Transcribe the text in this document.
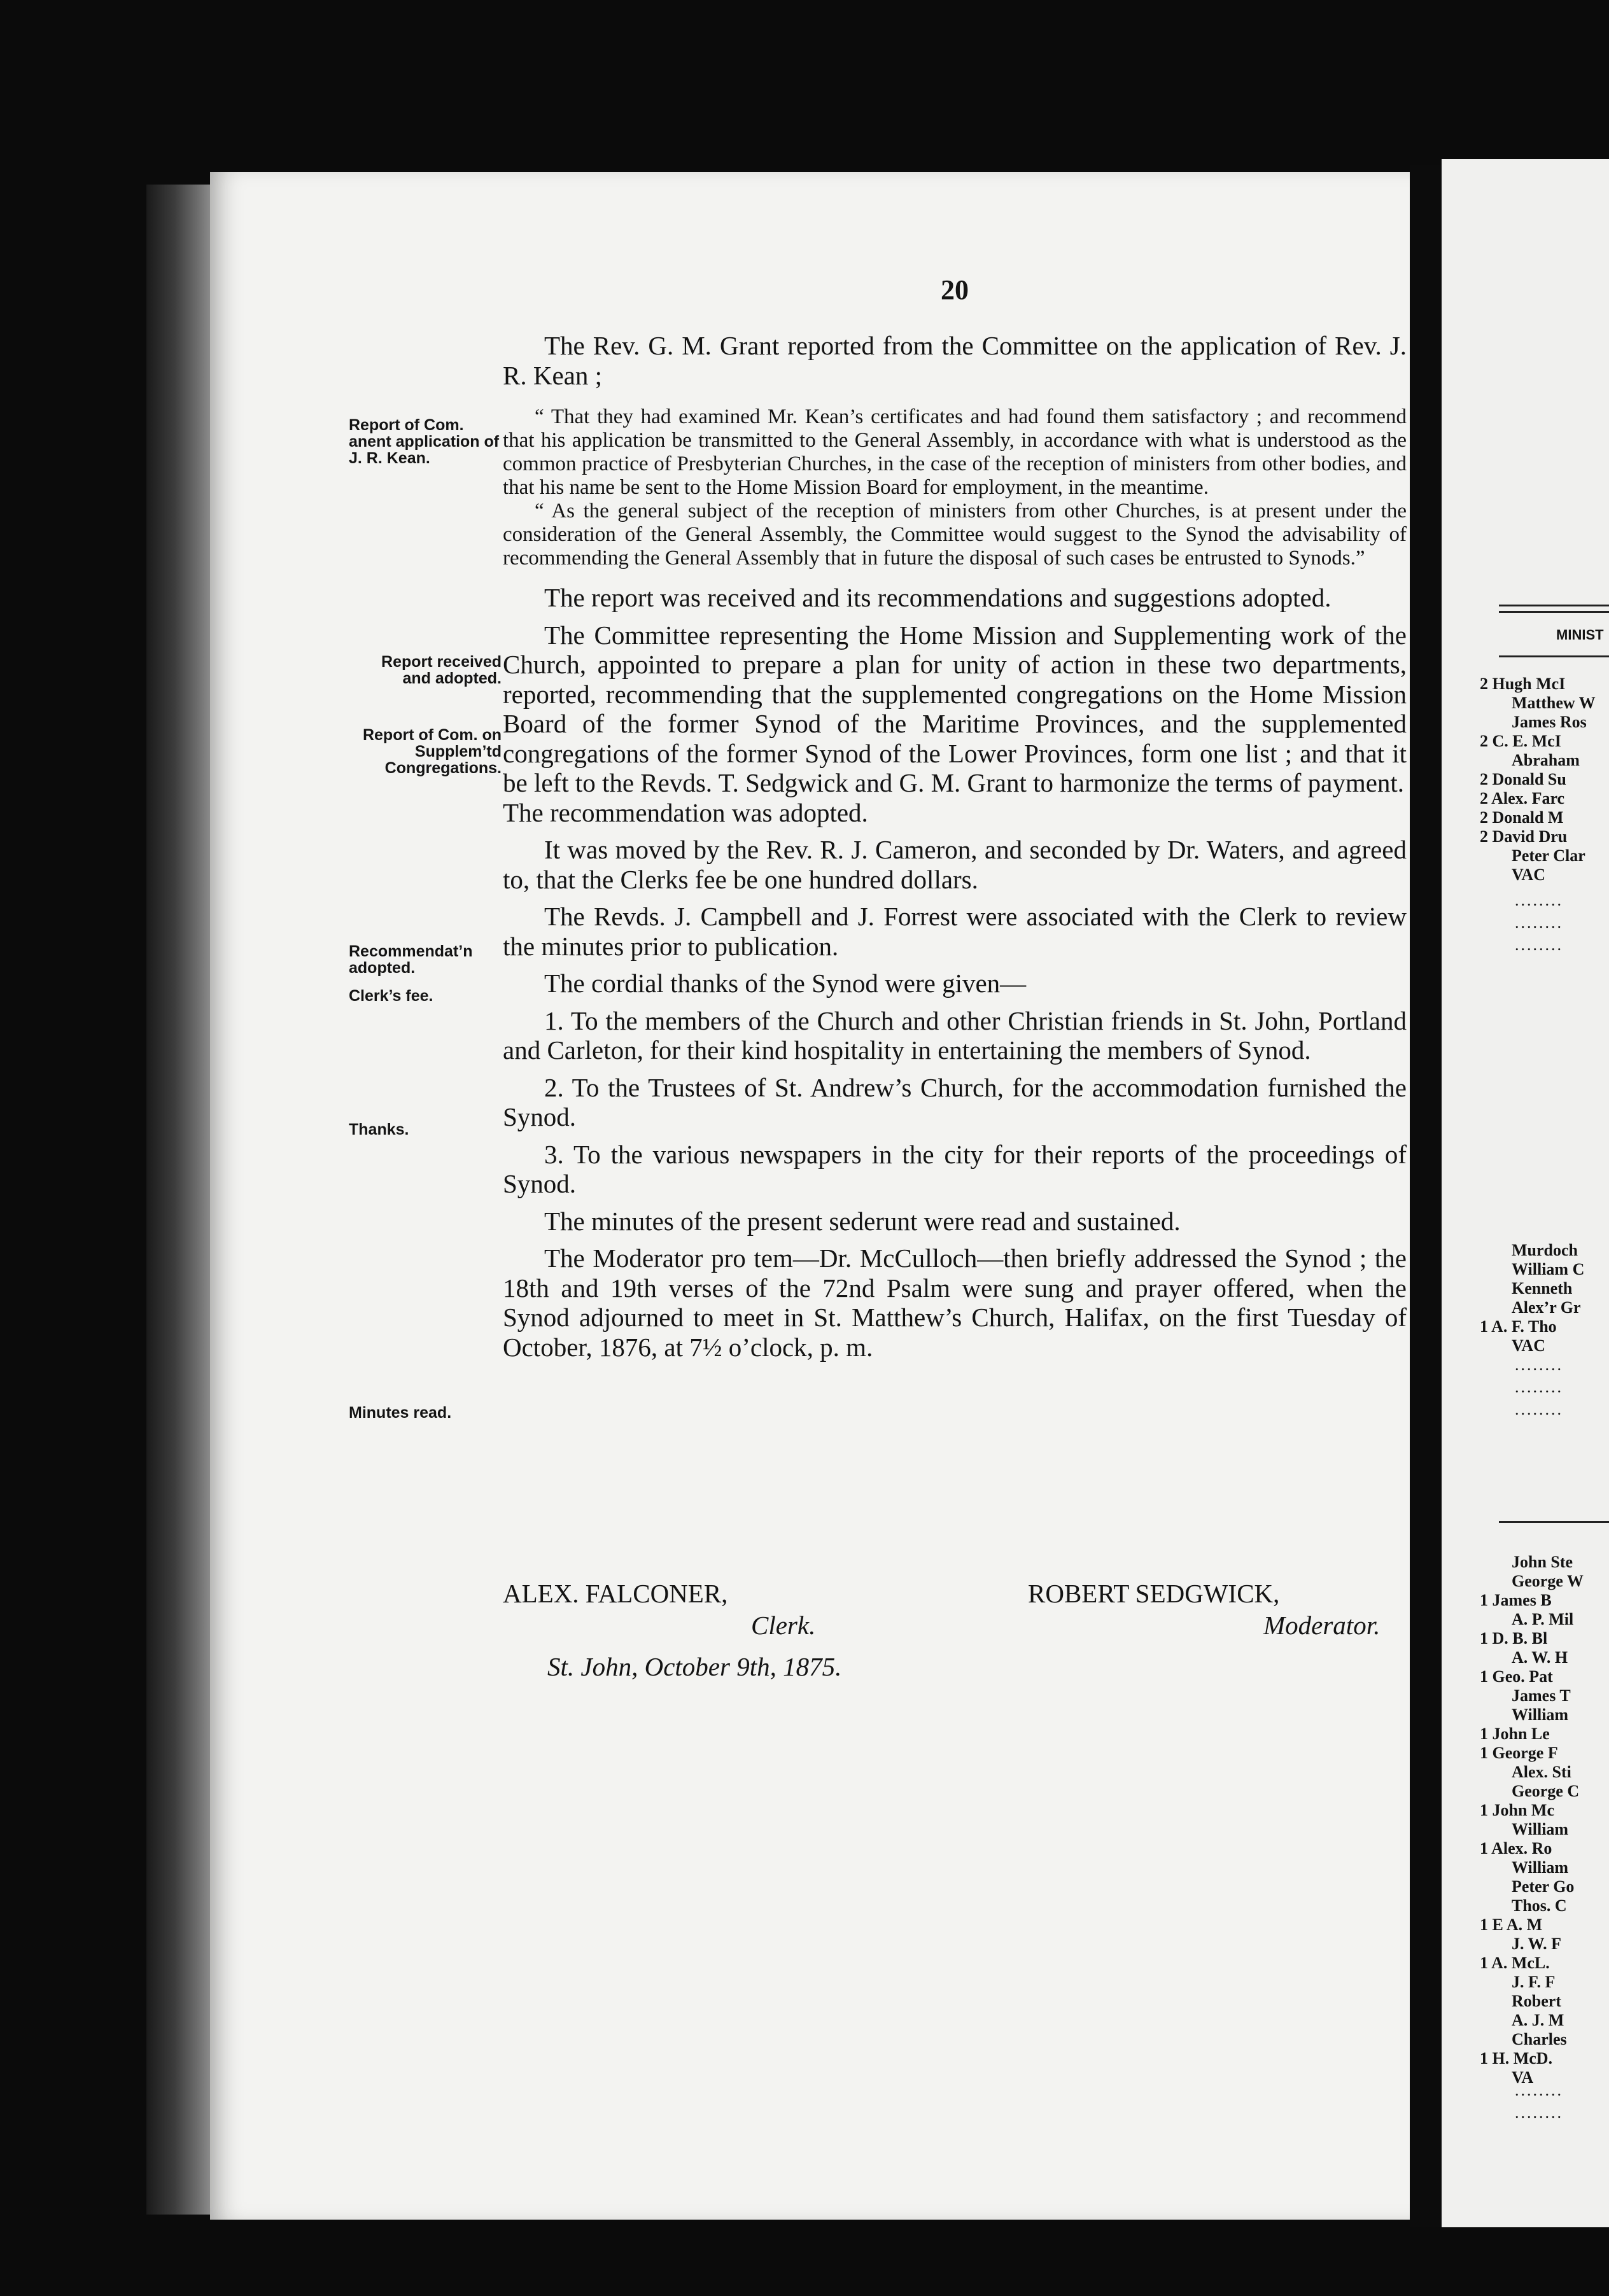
20

The Rev. G. M. Grant reported from the Committee on the application of Rev. J. R. Kean ;

“ That they had examined Mr. Kean’s certificates and had found them satisfactory ; and recommend that his application be transmitted to the General Assembly, in accordance with what is understood as the common practice of Presbyterian Churches, in the case of the reception of ministers from other bodies, and that his name be sent to the Home Mission Board for employment, in the meantime.

“ As the general subject of the reception of ministers from other Churches, is at present under the consideration of the General Assembly, the Committee would suggest to the Synod the advisability of recommending the General Assembly that in future the disposal of such cases be entrusted to Synods.”

The report was received and its recommendations and suggestions adopted.

The Committee representing the Home Mission and Supplementing work of the Church, appointed to prepare a plan for unity of action in these two departments, reported, recommending that the supplemented congregations on the Home Mission Board of the former Synod of the Maritime Provinces, and the supplemented congregations of the former Synod of the Lower Provinces, form one list ; and that it be left to the Revds. T. Sedgwick and G. M. Grant to harmonize the terms of payment.

The recommendation was adopted.

It was moved by the Rev. R. J. Cameron, and seconded by Dr. Waters, and agreed to, that the Clerks fee be one hundred dollars.

The Revds. J. Campbell and J. Forrest were associated with the Clerk to review the minutes prior to publication.

The cordial thanks of the Synod were given—

1. To the members of the Church and other Christian friends in St. John, Portland and Carleton, for their kind hospitality in entertaining the members of Synod.

2. To the Trustees of St. Andrew’s Church, for the accommodation furnished the Synod.

3. To the various newspapers in the city for their reports of the proceedings of Synod.

The minutes of the present sederunt were read and sustained.

The Moderator pro tem—Dr. McCulloch—then briefly addressed the Synod ; the 18th and 19th verses of the 72nd Psalm were sung and prayer offered, when the Synod adjourned to meet in St. Matthew’s Church, Halifax, on the first Tuesday of October, 1876, at 7½ o’clock, p. m.

Report of Com. anent application of J. R. Kean.
Report received and adopted.
Report of Com. on Supplem’td Congregations.
Recommendat’n adopted.
Clerk’s fee.
Thanks.
Minutes read.
ALEX. FALCONER,
Clerk.
ROBERT SEDGWICK,
Moderator.
St. John, October 9th, 1875.
MINIST
2 Hugh McI
Matthew W
James Ros
2 C. E. McI
Abraham
2 Donald Su
2 Alex. Farc
2 Donald M
2 David Dru
Peter Clar
VAC
........
........
........
Murdoch
William C
Kenneth
Alex’r Gr
1 A. F. Tho
VAC
........
........
........
John Ste
George W
1 James B
A. P. Mil
1 D. B. Bl
A. W. H
1 Geo. Pat
James T
William
1 John Le
1 George F
Alex. Sti
George C
1 John Mc
William
1 Alex. Ro
William
Peter Go
Thos. C
1 E A. M
J. W. F
1 A. McL.
J. F. F
Robert
A. J. M
Charles
1 H. McD.
VA
........
........
